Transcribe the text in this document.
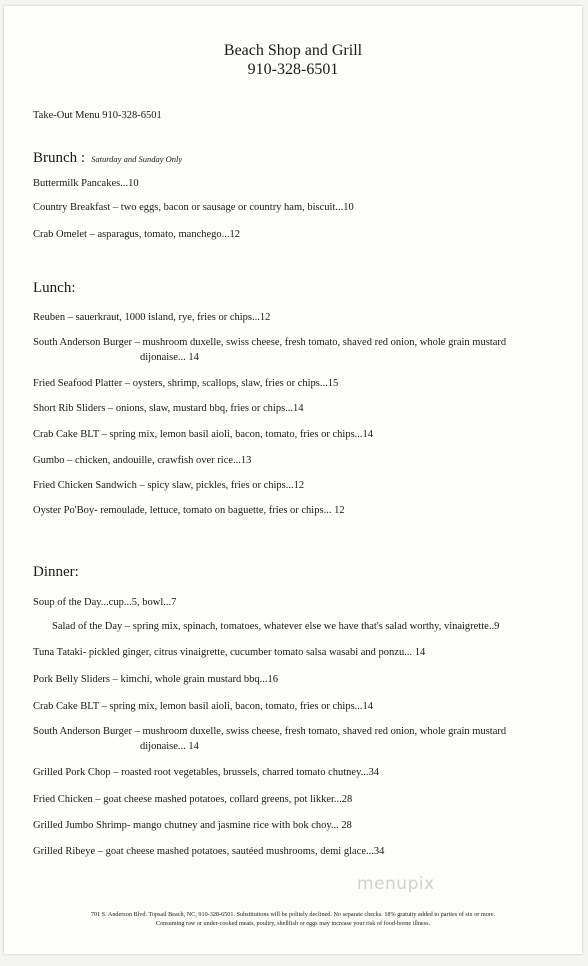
Beach Shop and Grill
910-328-6501
Take-Out Menu 910-328-6501
Brunch : Saturday and Sunday Only
Buttermilk Pancakes...10
Country Breakfast – two eggs, bacon or sausage or country ham, biscuit...10
Crab Omelet – asparagus, tomato, manchego...12
Lunch:
Reuben – sauerkraut, 1000 island, rye, fries or chips...12
South Anderson Burger – mushroom duxelle, swiss cheese, fresh tomato, shaved red onion, whole grain mustard
dijonaise... 14
Fried Seafood Platter – oysters, shrimp, scallops, slaw, fries or chips...15
Short Rib Sliders – onions, slaw, mustard bbq, fries or chips...14
Crab Cake BLT – spring mix, lemon basil aioli, bacon, tomato, fries or chips...14
Gumbo – chicken, andouille, crawfish over rice...13
Fried Chicken Sandwich – spicy slaw, pickles, fries or chips...12
Oyster Po'Boy- remoulade, lettuce, tomato on baguette, fries or chips... 12
Dinner:
Soup of the Day...cup...5, bowl...7
Salad of the Day – spring mix, spinach, tomatoes, whatever else we have that's salad worthy, vinaigrette..9
Tuna Tataki- pickled ginger, citrus vinaigrette, cucumber tomato salsa wasabi and ponzu... 14
Pork Belly Sliders – kimchi, whole grain mustard bbq...16
Crab Cake BLT – spring mix, lemon basil aioli, bacon, tomato, fries or chips...14
South Anderson Burger – mushroom duxelle, swiss cheese, fresh tomato, shaved red onion, whole grain mustard
dijonaise... 14
Grilled Pork Chop – roasted root vegetables, brussels, charred tomato chutney...34
Fried Chicken – goat cheese mashed potatoes, collard greens, pot likker...28
Grilled Jumbo Shrimp- mango chutney and jasmine rice with bok choy... 28
Grilled Ribeye – goat cheese mashed potatoes, sautéed mushrooms, demi glace...34
menupix
701 S. Anderson Blvd. Topsail Beach, NC, 910-328-6501. Substitutions will be politely declined. No separate checks. 18% gratuity added to parties of six or more.
Consuming raw or under-cooked meats, poultry, shellfish or eggs may increase your risk of food-borne illness.
